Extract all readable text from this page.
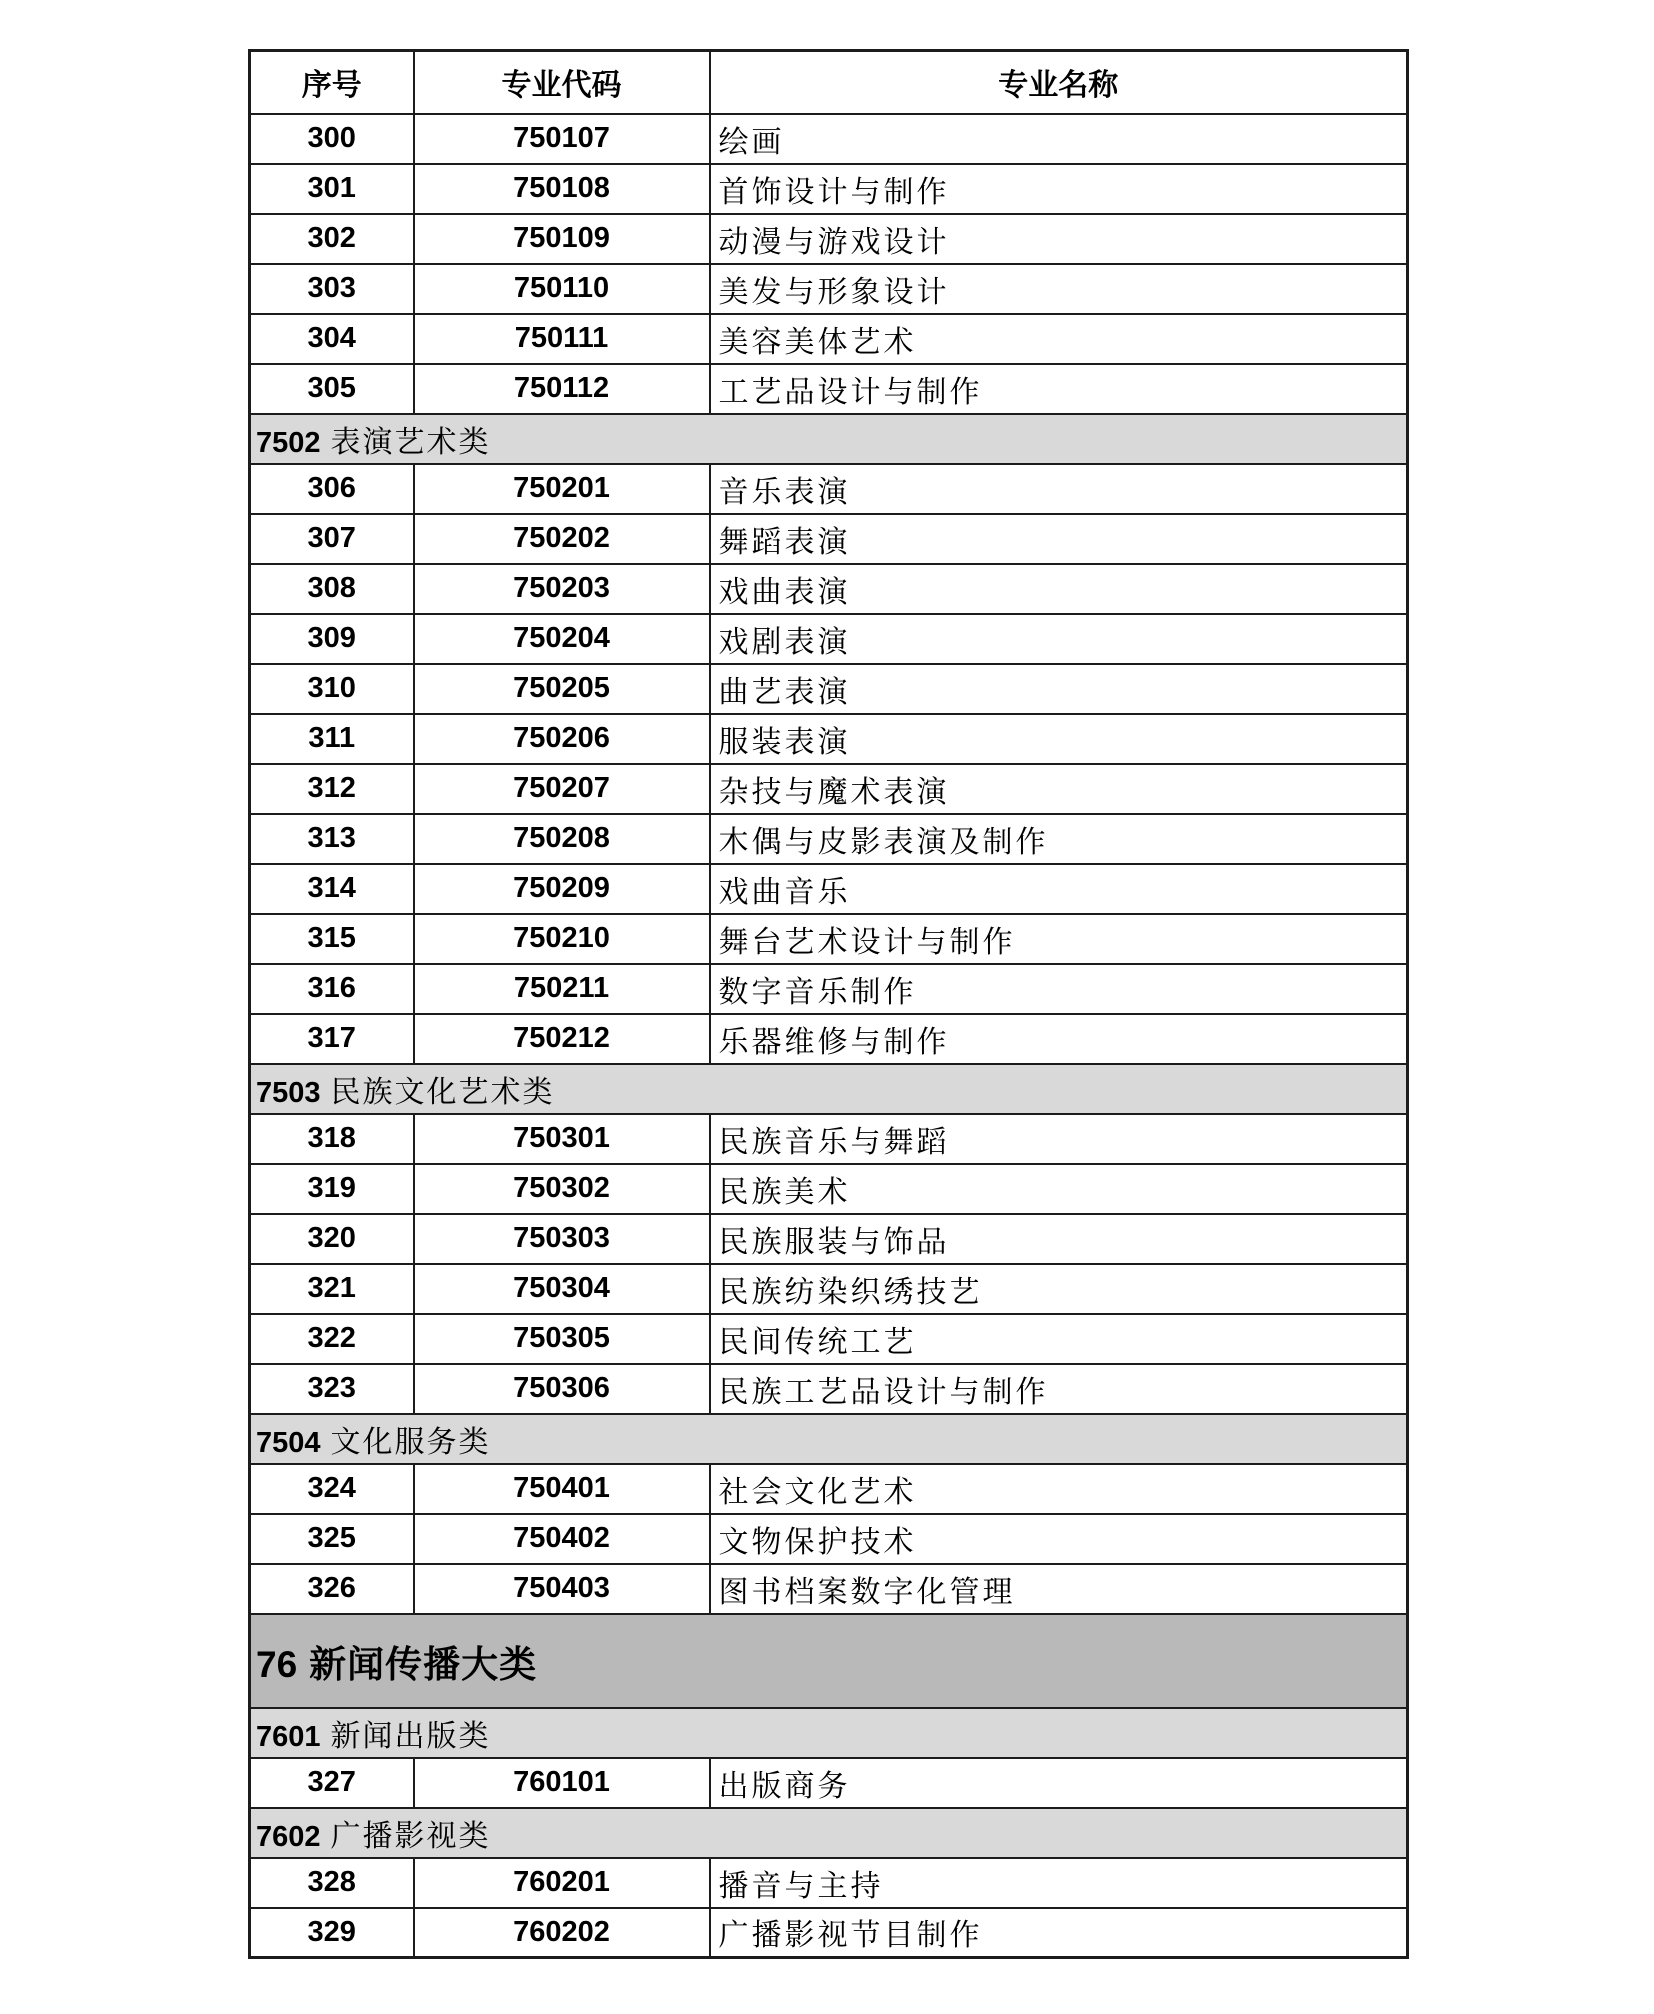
序号	专业代码	专业名称
300	750107	绘画
301	750108	首饰设计与制作
302	750109	动漫与游戏设计
303	750110	美发与形象设计
304	750111	美容美体艺术
305	750112	工艺品设计与制作
7502 表演艺术类		
306	750201	音乐表演
307	750202	舞蹈表演
308	750203	戏曲表演
309	750204	戏剧表演
310	750205	曲艺表演
311	750206	服装表演
312	750207	杂技与魔术表演
313	750208	木偶与皮影表演及制作
314	750209	戏曲音乐
315	750210	舞台艺术设计与制作
316	750211	数字音乐制作
317	750212	乐器维修与制作
7503 民族文化艺术类		
318	750301	民族音乐与舞蹈
319	750302	民族美术
320	750303	民族服装与饰品
321	750304	民族纺染织绣技艺
322	750305	民间传统工艺
323	750306	民族工艺品设计与制作
7504 文化服务类		
324	750401	社会文化艺术
325	750402	文物保护技术
326	750403	图书档案数字化管理
76 新闻传播大类		
7601 新闻出版类		
327	760101	出版商务
7602 广播影视类		
328	760201	播音与主持
329	760202	广播影视节目制作
